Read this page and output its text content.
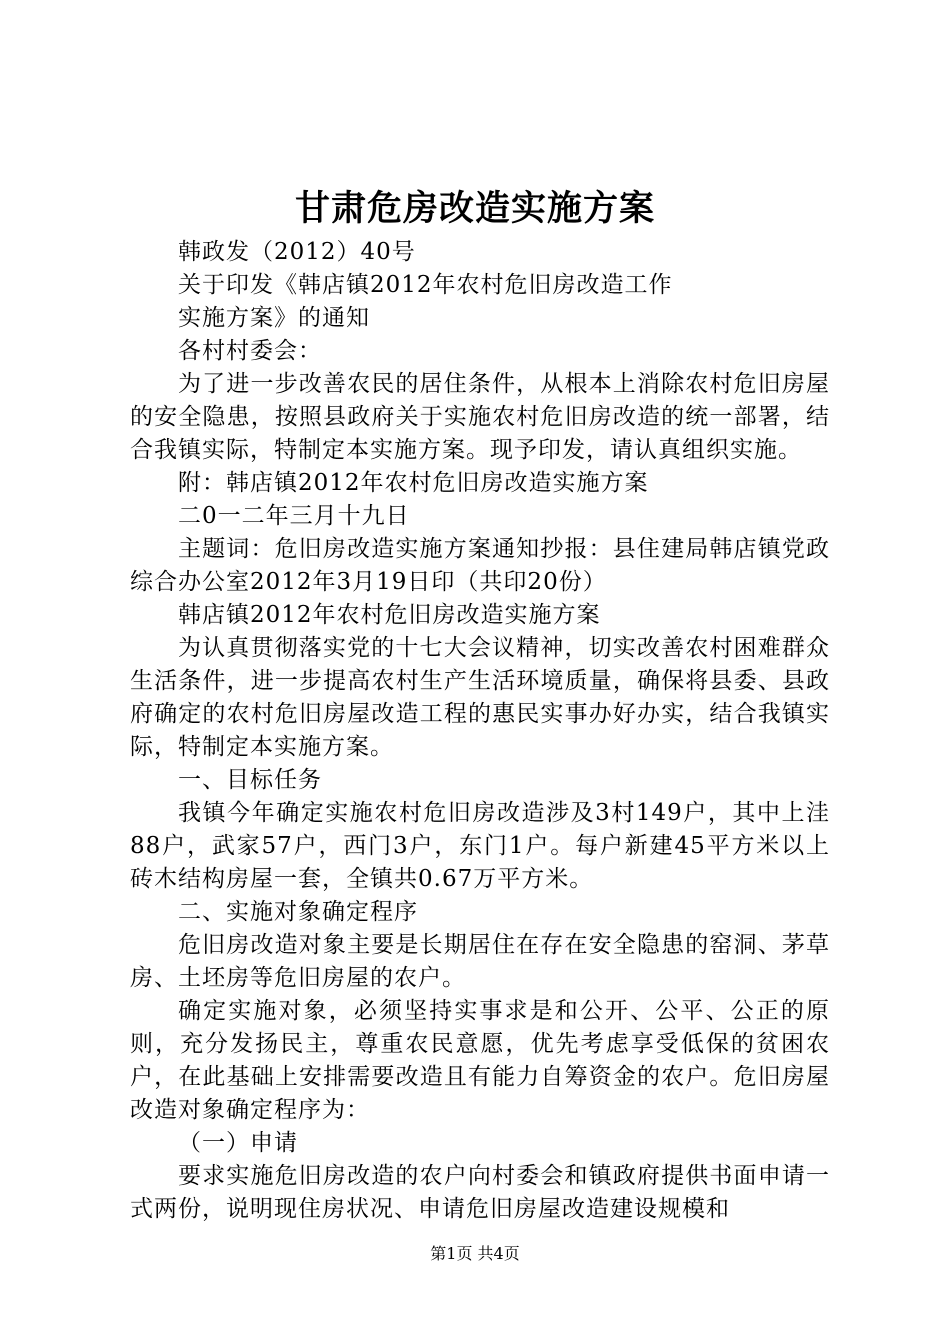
甘肃危房改造实施方案

韩政发（2012）40号

关于印发《韩店镇2012年农村危旧房改造工作

实施方案》的通知

各村村委会：

为了进一步改善农民的居住条件，从根本上消除农村危旧房屋的安全隐患，按照县政府关于实施农村危旧房改造的统一部署，结合我镇实际，特制定本实施方案。现予印发，请认真组织实施。

附：韩店镇2012年农村危旧房改造实施方案

二0一二年三月十九日

主题词：危旧房改造实施方案通知抄报：县住建局韩店镇党政综合办公室2012年3月19日印（共印20份）

韩店镇2012年农村危旧房改造实施方案

为认真贯彻落实党的十七大会议精神，切实改善农村困难群众生活条件，进一步提高农村生产生活环境质量，确保将县委、县政府确定的农村危旧房屋改造工程的惠民实事办好办实，结合我镇实际，特制定本实施方案。

一、目标任务

我镇今年确定实施农村危旧房改造涉及3村149户，其中上洼88户，武家57户，西门3户，东门1户。每户新建45平方米以上砖木结构房屋一套，全镇共0.67万平方米。

二、实施对象确定程序

危旧房改造对象主要是长期居住在存在安全隐患的窑洞、茅草房、土坯房等危旧房屋的农户。

确定实施对象，必须坚持实事求是和公开、公平、公正的原则，充分发扬民主，尊重农民意愿，优先考虑享受低保的贫困农户，在此基础上安排需要改造且有能力自筹资金的农户。危旧房屋改造对象确定程序为：

（一）申请

要求实施危旧房改造的农户向村委会和镇政府提供书面申请一式两份，说明现住房状况、申请危旧房屋改造建设规模和

第1页 共4页
